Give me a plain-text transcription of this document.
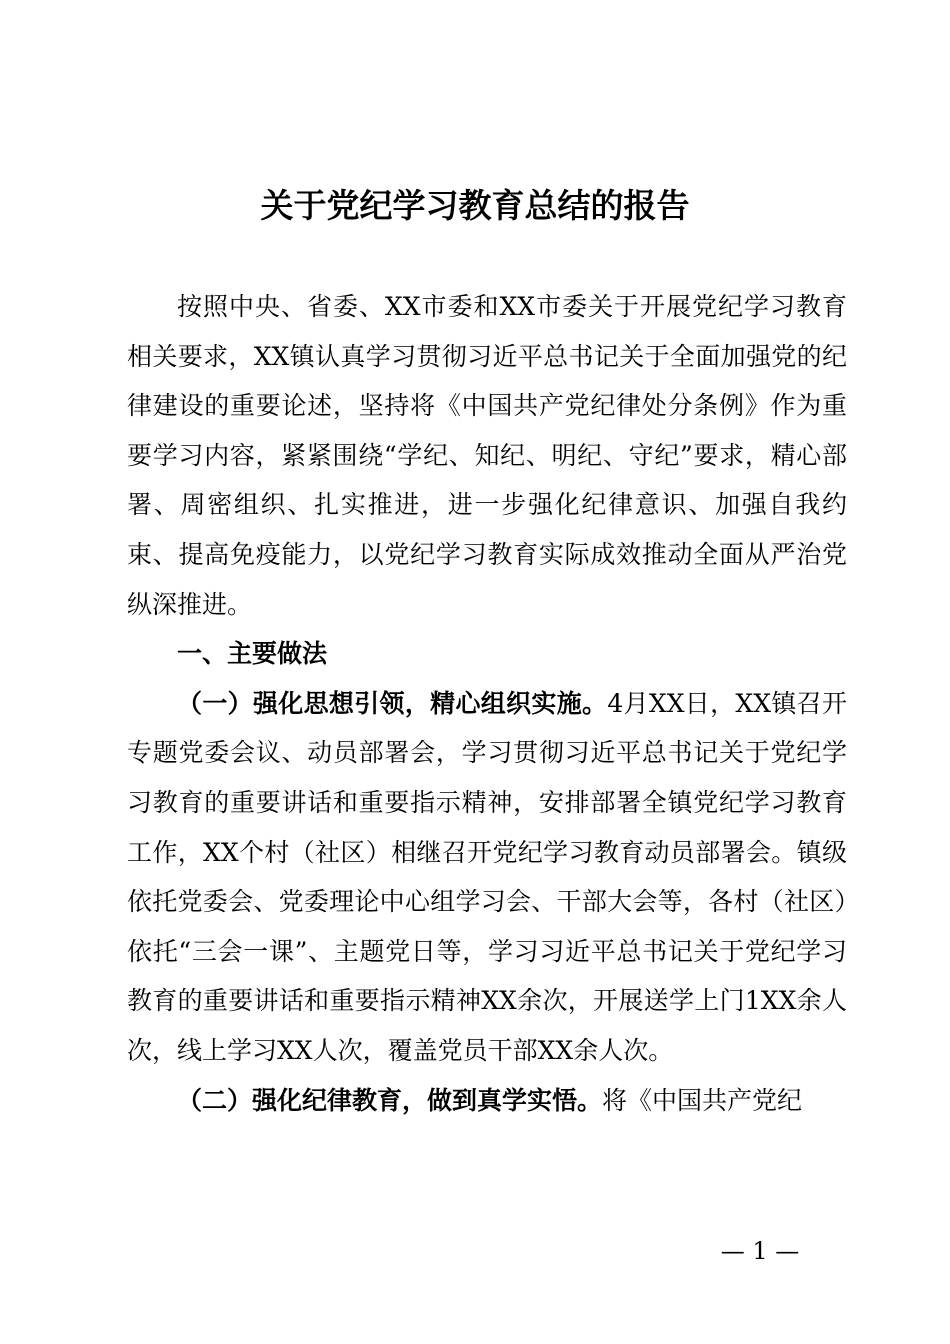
关于党纪学习教育总结的报告

按照中央、省委、XX市委和XX市委关于开展党纪学习教育相关要求，XX镇认真学习贯彻习近平总书记关于全面加强党的纪律建设的重要论述，坚持将《中国共产党纪律处分条例》作为重要学习内容，紧紧围绕“学纪、知纪、明纪、守纪”要求，精心部署、周密组织、扎实推进，进一步强化纪律意识、加强自我约束、提高免疫能力，以党纪学习教育实际成效推动全面从严治党纵深推进。

一、主要做法

（一）强化思想引领，精心组织实施。4月XX日，XX镇召开专题党委会议、动员部署会，学习贯彻习近平总书记关于党纪学习教育的重要讲话和重要指示精神，安排部署全镇党纪学习教育工作，XX个村（社区）相继召开党纪学习教育动员部署会。镇级依托党委会、党委理论中心组学习会、干部大会等，各村（社区）依托“三会一课”、主题党日等，学习习近平总书记关于党纪学习教育的重要讲话和重要指示精神XX余次，开展送学上门1XX余人次，线上学习XX人次，覆盖党员干部XX余人次。

（二）强化纪律教育，做到真学实悟。将《中国共产党纪

— 1 —
